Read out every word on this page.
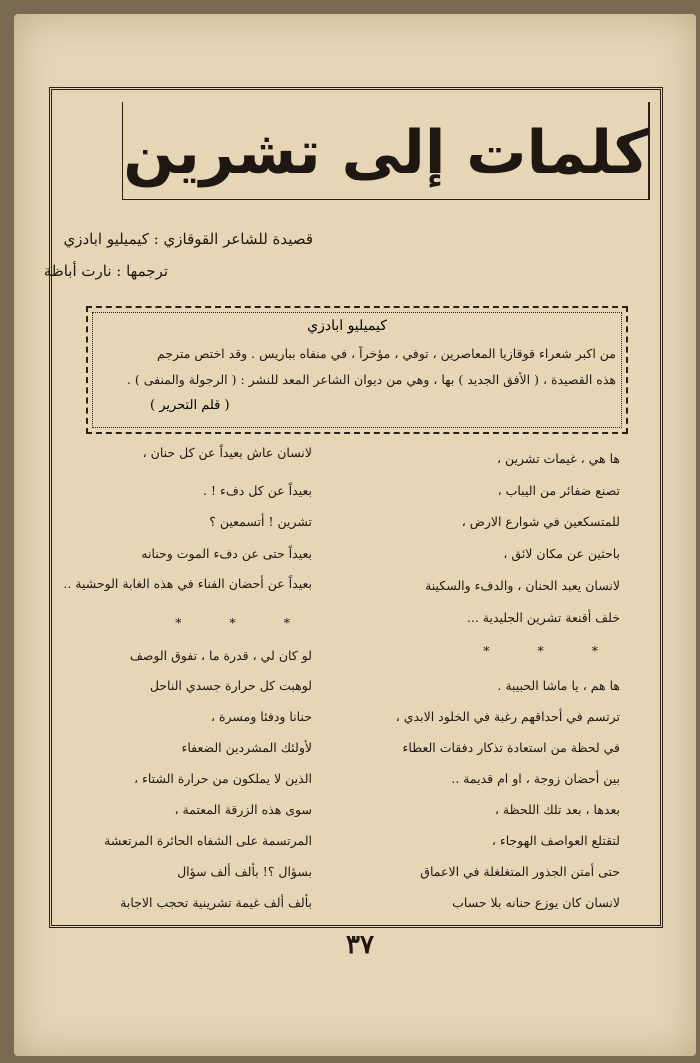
كلمات إلى تشرين
قصيدة للشاعر القوقازي : كيميليو ابادزي
ترجمها : نارت أباظة
كيميليو ابادزي
من اكبر شعراء قوقازيا المعاصرين ، توفي ، مؤخراً ، في منفاه بباريس . وقد اختص مترجم
هذه القصيدة ، ( الأفق الجديد ) بها ، وهي من ديوان الشاعر المعد للنشر : ( الرجولة والمنفى ) .
( قلم التحرير )
ها هي ، غيمات تشرين ،
تصنع ضفائر من اليباب ،
للمتسكعين في شوارع الارض ،
باحثين عن مكان لائق ،
لانسان يعبد الحنان ، والدفء والسكينة
خلف أقنعة تشرين الجليدية ...
* * *
ها هم ، يا ماشا الحبيبة .
ترتسم في أحداقهم رغبة في الخلود الابدي ،
في لحظة من استعادة تذكار دفقات العطاء
بين أحضان زوجة ، او ام قديمة ..
بعدها ، بعد تلك اللحظة ،
لتقتلع العواصف الهوجاء ،
حتى أمتن الجذور المتغلغلة في الاعماق
لانسان كان يوزع حنانه بلا حساب
لانسان عاش بعيداً عن كل حنان ،
بعيداً عن كل دفء ! .
تشرين ! أتسمعين ؟
بعيداً حتى عن دفء الموت وحنانه
بعيداً عن أحضان الفناء في هذه الغابة الوحشية ..
* * *
لو كان لي ، قدرة ما ، تفوق الوصف
لوهبت كل حرارة جسدي الناحل
حنانا ودفئا ومسرة ،
لأولئك المشردين الضعفاء
الذين لا يملكون من حرارة الشتاء ،
سوى هذه الزرقة المعتمة ،
المرتسمة على الشفاه الحائرة المرتعشة
بسؤال ؟! بألف ألف سؤال
بألف ألف غيمة تشرينية تحجب الاجابة
٣٧
